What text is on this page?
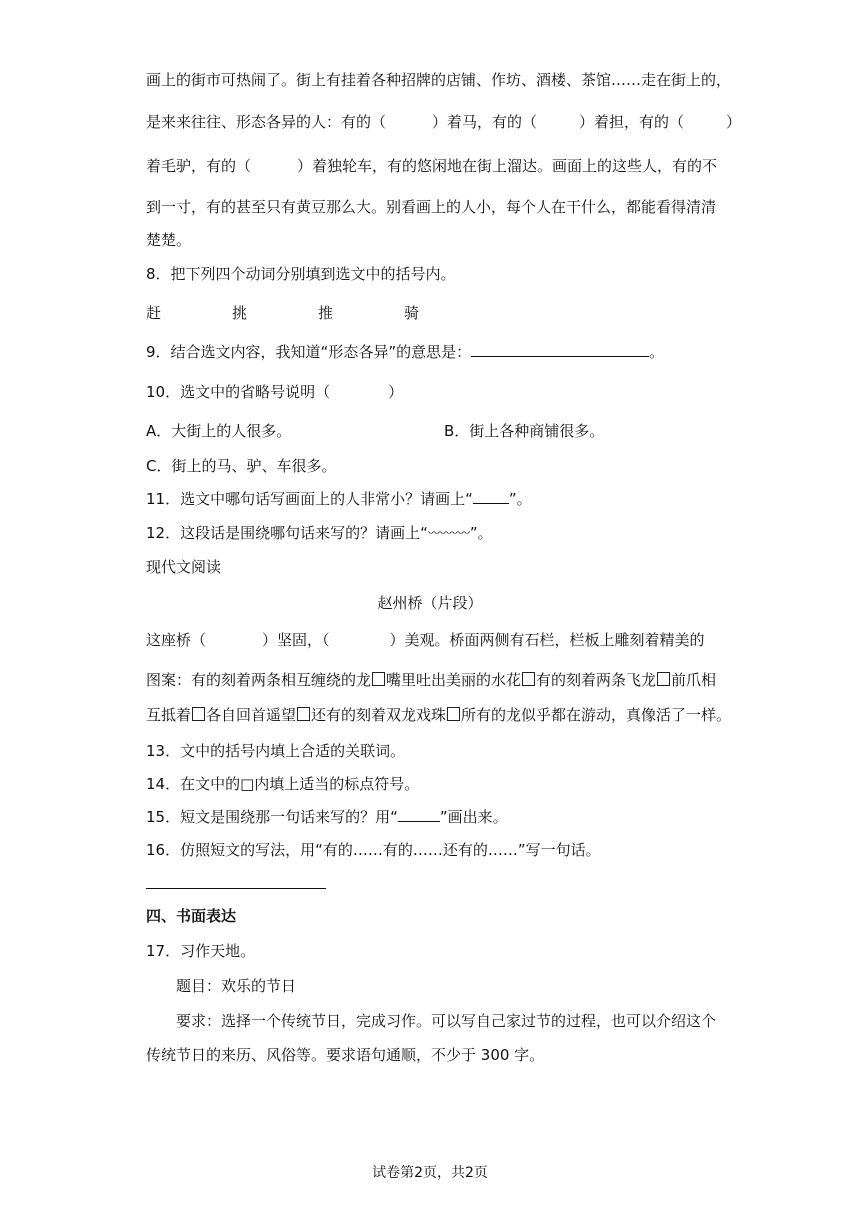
画上的街市可热闹了。街上有挂着各种招牌的店铺、作坊、酒楼、茶馆……走在街上的，
是来来往往、形态各异的人：有的（	）着马，有的（	）着担，有的（	）
着毛驴，有的（	）着独轮车，有的悠闲地在街上溜达。画面上的这些人，有的不
到一寸，有的甚至只有黄豆那么大。别看画上的人小，每个人在干什么，都能看得清清
楚楚。
8．把下列四个动词分别填到选文中的括号内。
赶	挑	推	骑
9．结合选文内容，我知道“形态各异”的意思是：	。
10．选文中的省略号说明（	）
A．大街上的人很多。	B．街上各种商铺很多。
C．街上的马、驴、车很多。
11．选文中哪句话写画面上的人非常小？请画上“ ”。
12．这段话是围绕哪句话来写的？请画上“	”。
现代文阅读
赵州桥（片段）
这座桥（	）坚固，（	）美观。桥面两侧有石栏，栏板上雕刻着精美的
图案：有的刻着两条相互缠绕的龙 嘴里吐出美丽的水花 有的刻着两条飞龙 前爪相
互抵着 各自回首遥望 还有的刻着双龙戏珠 所有的龙似乎都在游动，真像活了一样。
13．文中的括号内填上合适的关联词。
14．在文中的□内填上适当的标点符号。
15．短文是围绕那一句话来写的？用“	”画出来。
16．仿照短文的写法，用“有的……有的……还有的……”写一句话。
四、书面表达
17．习作天地。
题目：欢乐的节日
要求：选择一个传统节日，完成习作。可以写自己家过节的过程，也可以介绍这个
传统节日的来历、风俗等。要求语句通顺，不少于 300 字。
试卷第2页，共2页
